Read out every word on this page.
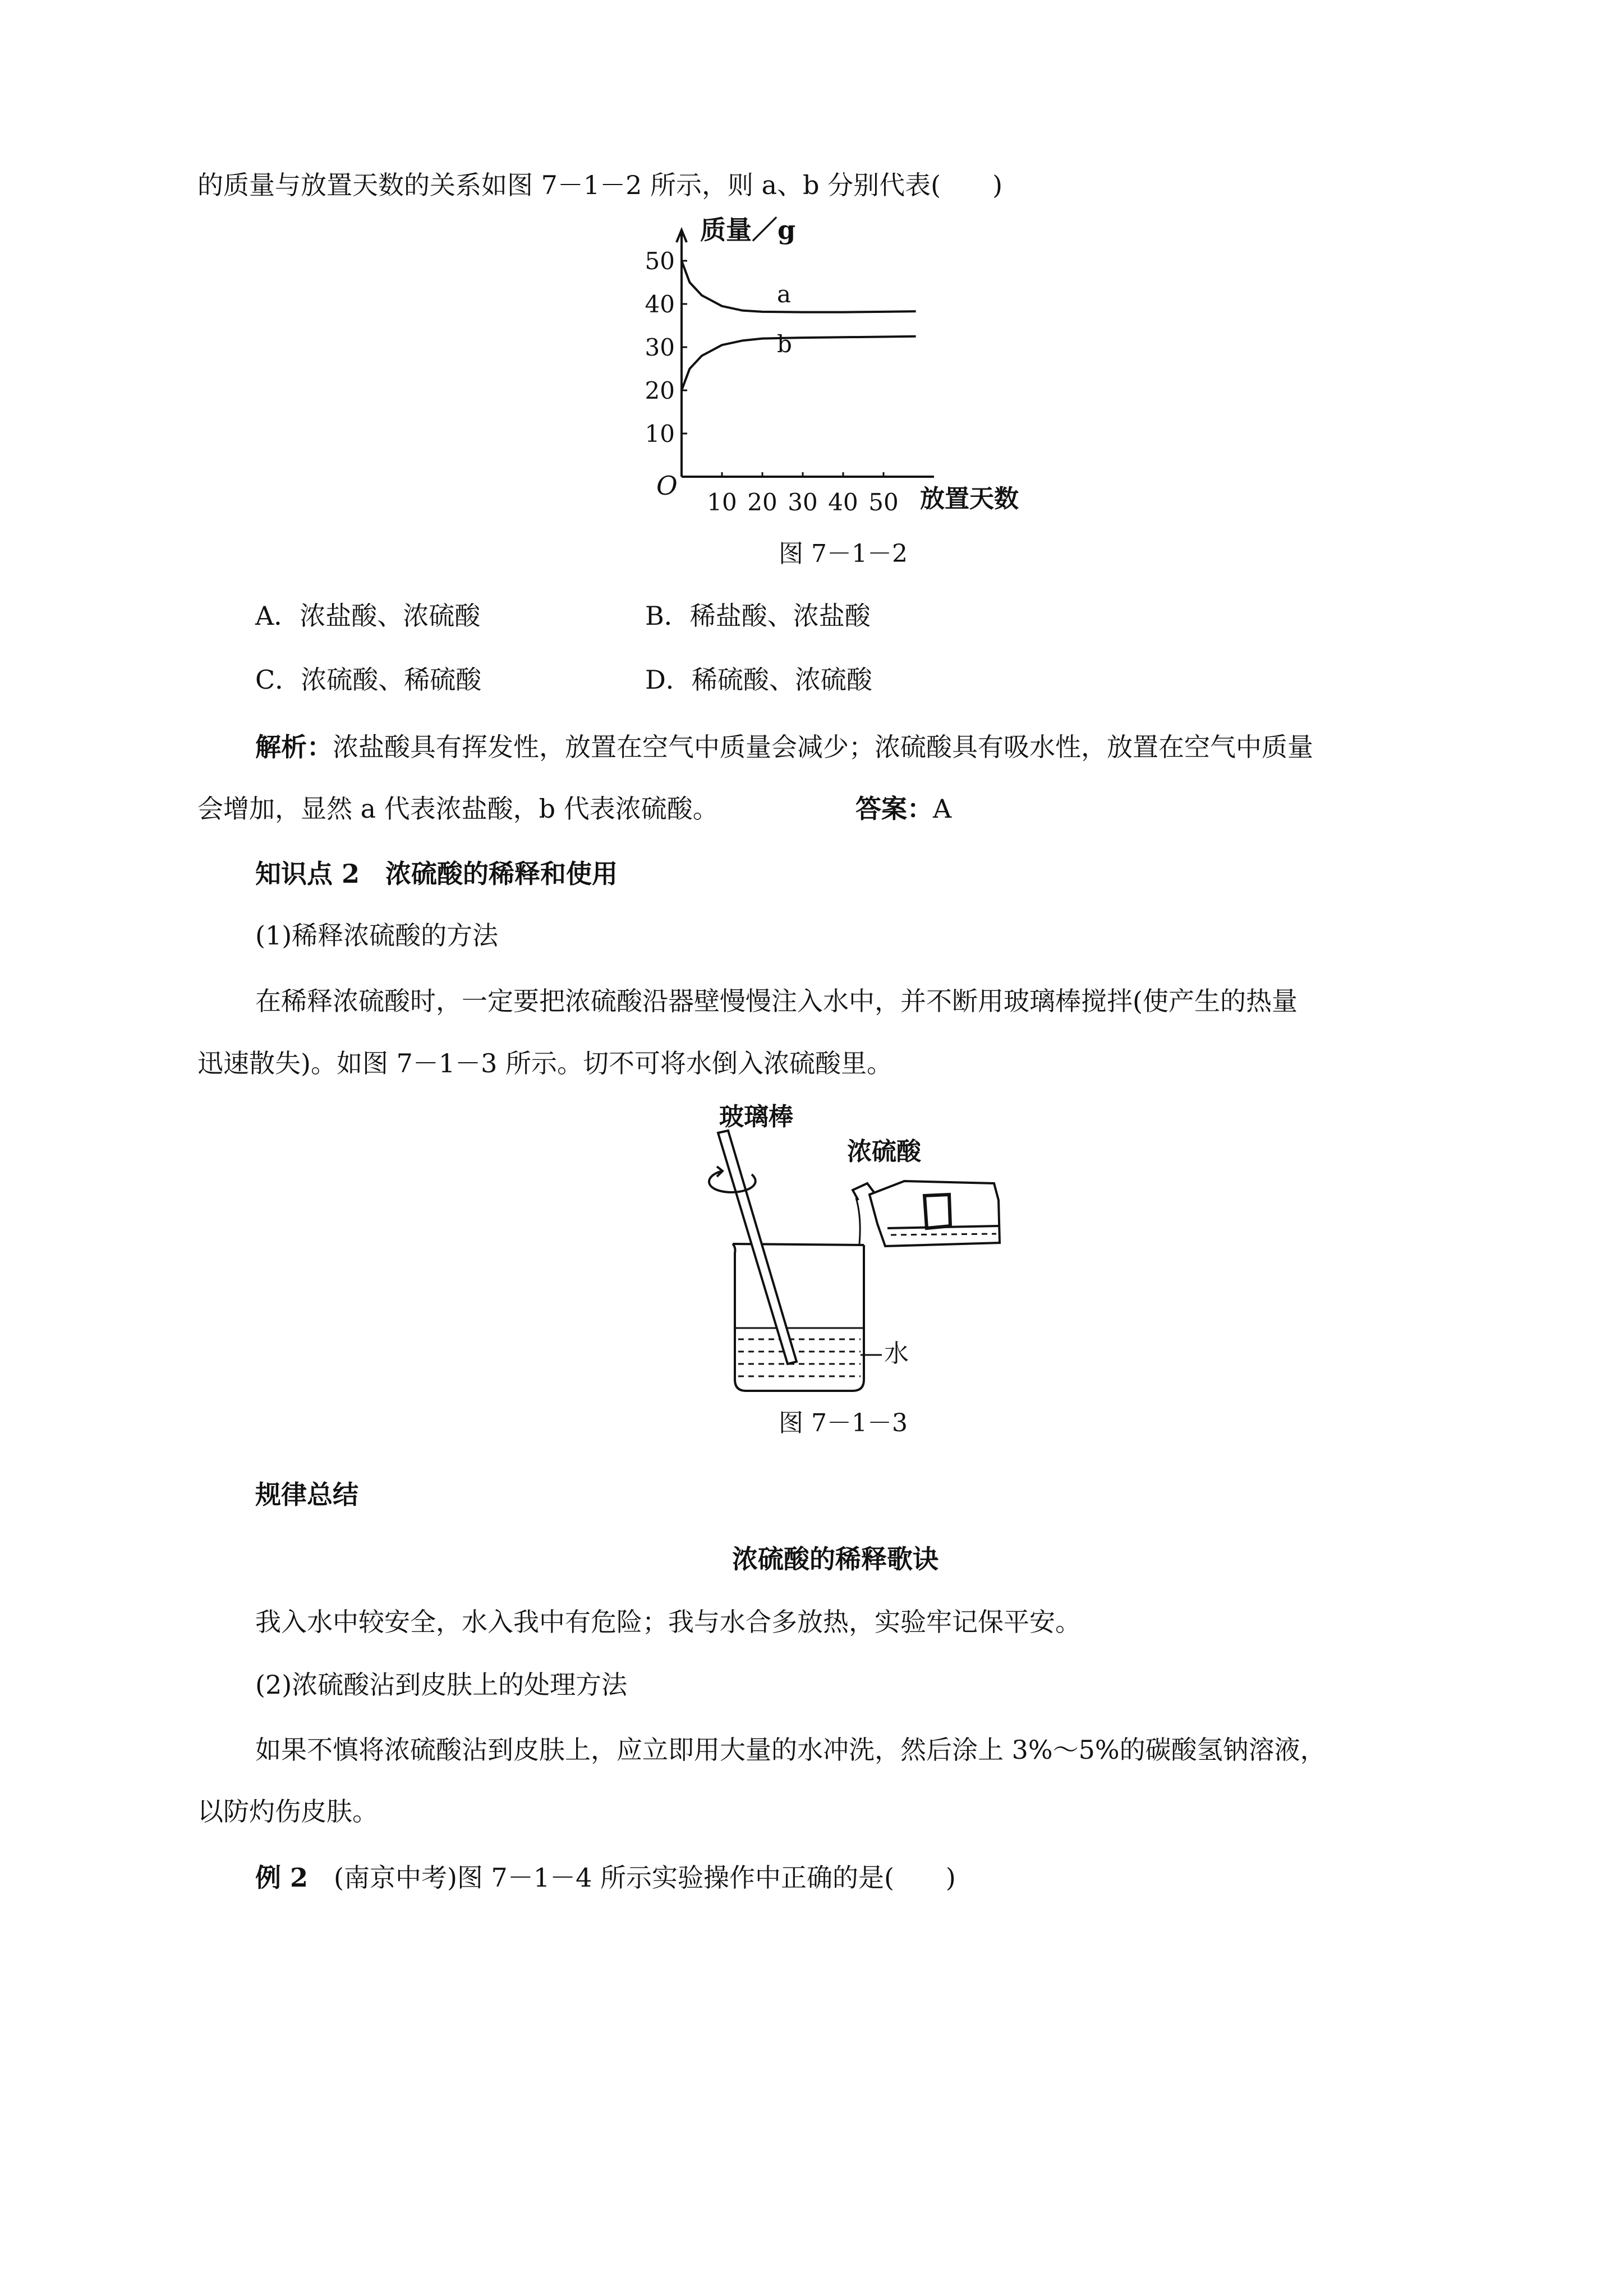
的质量与放置天数的关系如图 7－1－2 所示，则 a、b 分别代表(　　)

10
20
30
40
50
10 20 30 40 50
a
b
质量／g
放置天数
O

图 7－1－2

A．浓盐酸、浓硫酸	B．稀盐酸、浓盐酸

C．浓硫酸、稀硫酸	D．稀硫酸、浓硫酸

解析：浓盐酸具有挥发性，放置在空气中质量会减少；浓硫酸具有吸水性，放置在空气中质量

会增加，显然 a 代表浓盐酸，b 代表浓硫酸。	答案：A

知识点 2　浓硫酸的稀释和使用

(1)稀释浓硫酸的方法

在稀释浓硫酸时，一定要把浓硫酸沿器壁慢慢注入水中，并不断用玻璃棒搅拌(使产生的热量

迅速散失)。如图 7－1－3 所示。切不可将水倒入浓硫酸里。

玻璃棒
浓硫酸
水

图 7－1－3

规律总结

浓硫酸的稀释歌诀

我入水中较安全，水入我中有危险；我与水合多放热，实验牢记保平安。

(2)浓硫酸沾到皮肤上的处理方法

如果不慎将浓硫酸沾到皮肤上，应立即用大量的水冲洗，然后涂上 3%～5%的碳酸氢钠溶液，

以防灼伤皮肤。

例 2　 (南京中考)图 7－1－4 所示实验操作中正确的是(　　)
